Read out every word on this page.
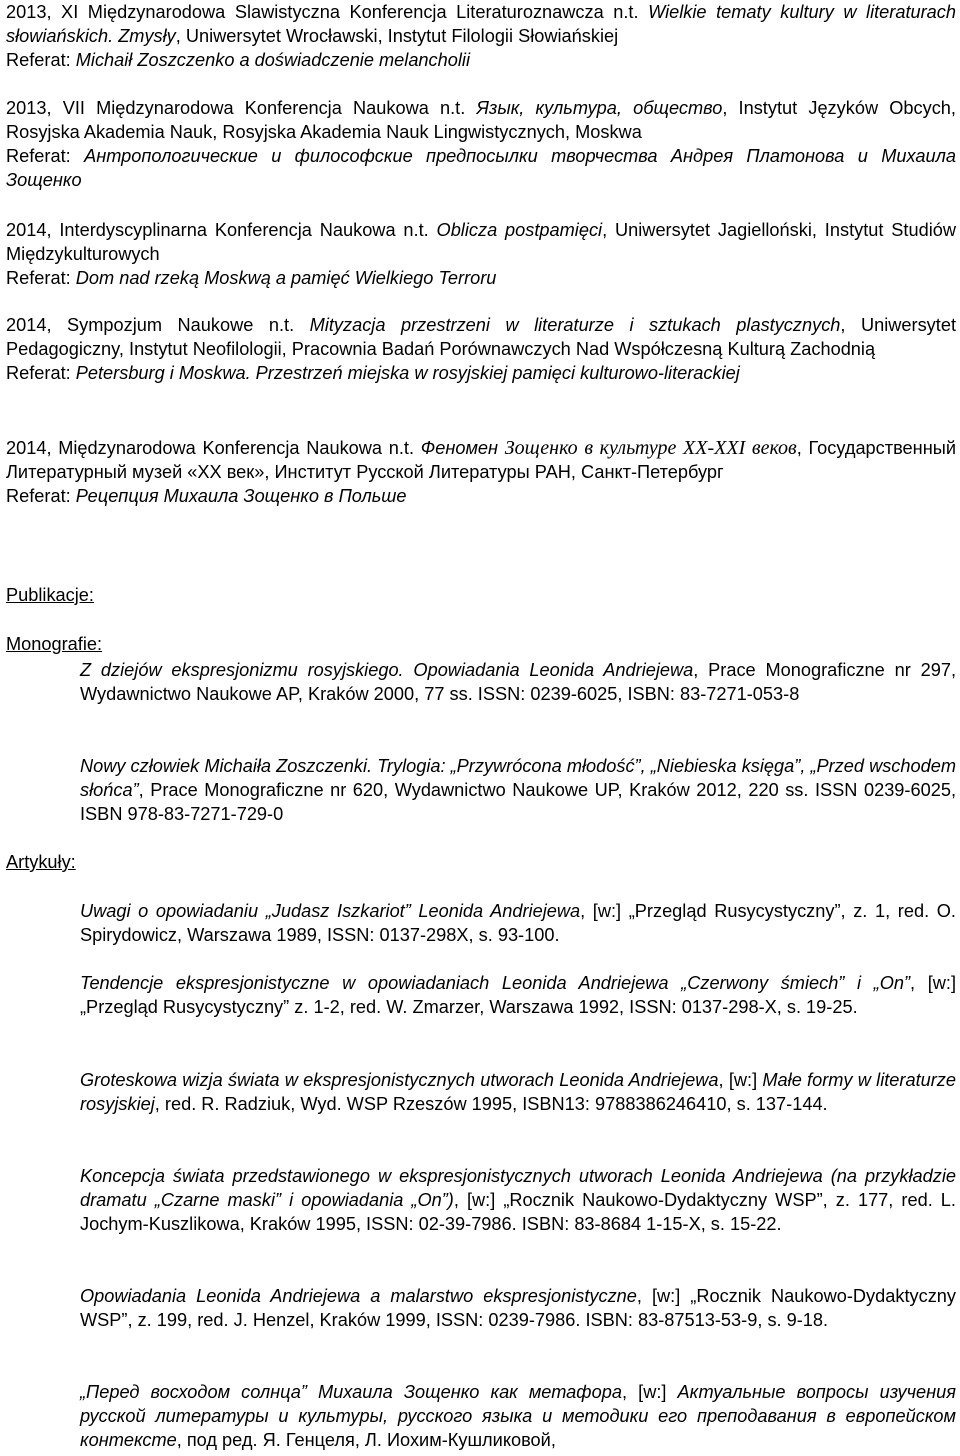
2013, XI Międzynarodowa Slawistyczna Konferencja Literaturoznawcza n.t. Wielkie tematy kultury w literaturach słowiańskich. Zmysły, Uniwersytet Wrocławski, Instytut Filologii Słowiańskiej

Referat: Michaił Zoszczenko a doświadczenie melancholii

2013, VII Międzynarodowa Konferencja Naukowa n.t. Язык, культура, общество, Instytut Języków Obcych, Rosyjska Akademia Nauk, Rosyjska Akademia Nauk Lingwistycznych, Moskwa

Referat: Антропологические и философские предпосылки творчества Андрея Платонова и Михаила Зощенко

2014, Interdyscyplinarna Konferencja Naukowa n.t. Oblicza postpamięci, Uniwersytet Jagielloński, Instytut Studiów Międzykulturowych

Referat: Dom nad rzeką Moskwą a pamięć Wielkiego Terroru

2014, Sympozjum Naukowe n.t. Mityzacja przestrzeni w literaturze i sztukach plastycznych, Uniwersytet Pedagogiczny, Instytut Neofilologii, Pracownia Badań Porównawczych Nad Współczesną Kulturą Zachodnią

Referat: Petersburg i Moskwa. Przestrzeń miejska w rosyjskiej pamięci kulturowo-literackiej

2014, Międzynarodowa Konferencja Naukowa n.t. Феномен Зощенко в культуре XX-XXI веков, Государственный Литературный музей «ХХ век», Институт Русской Литературы РАН, Санкт-Петербург

Referat: Рецепция Михаила Зощенко в Польше

Publikacje:
Monografie:
Artykuły:

Z dziejów ekspresjonizmu rosyjskiego. Opowiadania Leonida Andriejewa, Prace Monograficzne nr 297, Wydawnictwo Naukowe AP, Kraków 2000, 77 ss. ISSN: 0239-6025, ISBN: 83-7271-053-8

Nowy człowiek Michaiła Zoszczenki. Trylogia: „Przywrócona młodość”, „Niebieska księga”, „Przed wschodem słońca”, Prace Monograficzne nr 620, Wydawnictwo Naukowe UP, Kraków 2012, 220 ss. ISSN 0239-6025, ISBN 978-83-7271-729-0

Uwagi o opowiadaniu „Judasz Iszkariot” Leonida Andriejewa, [w:] „Przegląd Rusycystyczny”, z. 1, red. O. Spirydowicz, Warszawa 1989, ISSN: 0137-298X, s. 93-100.

Tendencje ekspresjonistyczne w opowiadaniach Leonida Andriejewa „Czerwony śmiech” i „On”, [w:] „Przegląd Rusycystyczny” z. 1-2, red. W. Zmarzer, Warszawa 1992, ISSN: 0137-298-X, s. 19-25.

Groteskowa wizja świata w ekspresjonistycznych utworach Leonida Andriejewa, [w:] Małe formy w literaturze rosyjskiej, red. R. Radziuk, Wyd. WSP Rzeszów 1995, ISBN13: 9788386246410, s. 137-144.

Koncepcja świata przedstawionego w ekspresjonistycznych utworach Leonida Andriejewa (na przykładzie dramatu „Czarne maski” i opowiadania „On”), [w:] „Rocznik Naukowo-Dydaktyczny WSP”, z. 177, red. L. Jochym-Kuszlikowa, Kraków 1995, ISSN: 02-39-7986. ISBN: 83-8684 1-15-X, s. 15-22.

Opowiadania Leonida Andriejewa a malarstwo ekspresjonistyczne, [w:] „Rocznik Naukowo-Dydaktyczny WSP”, z. 199, red. J. Henzel, Kraków 1999, ISSN: 0239-7986. ISBN: 83-87513-53-9, s. 9-18.

„Перед восходом солнца” Михаила Зощенко как метафора, [w:] Актуальные вопросы изучения русской литературы и культуры, русского языка и методики его преподавания в европейском контексте, под ред. Я. Генцеля, Л. Иохим-Кушликовой,
